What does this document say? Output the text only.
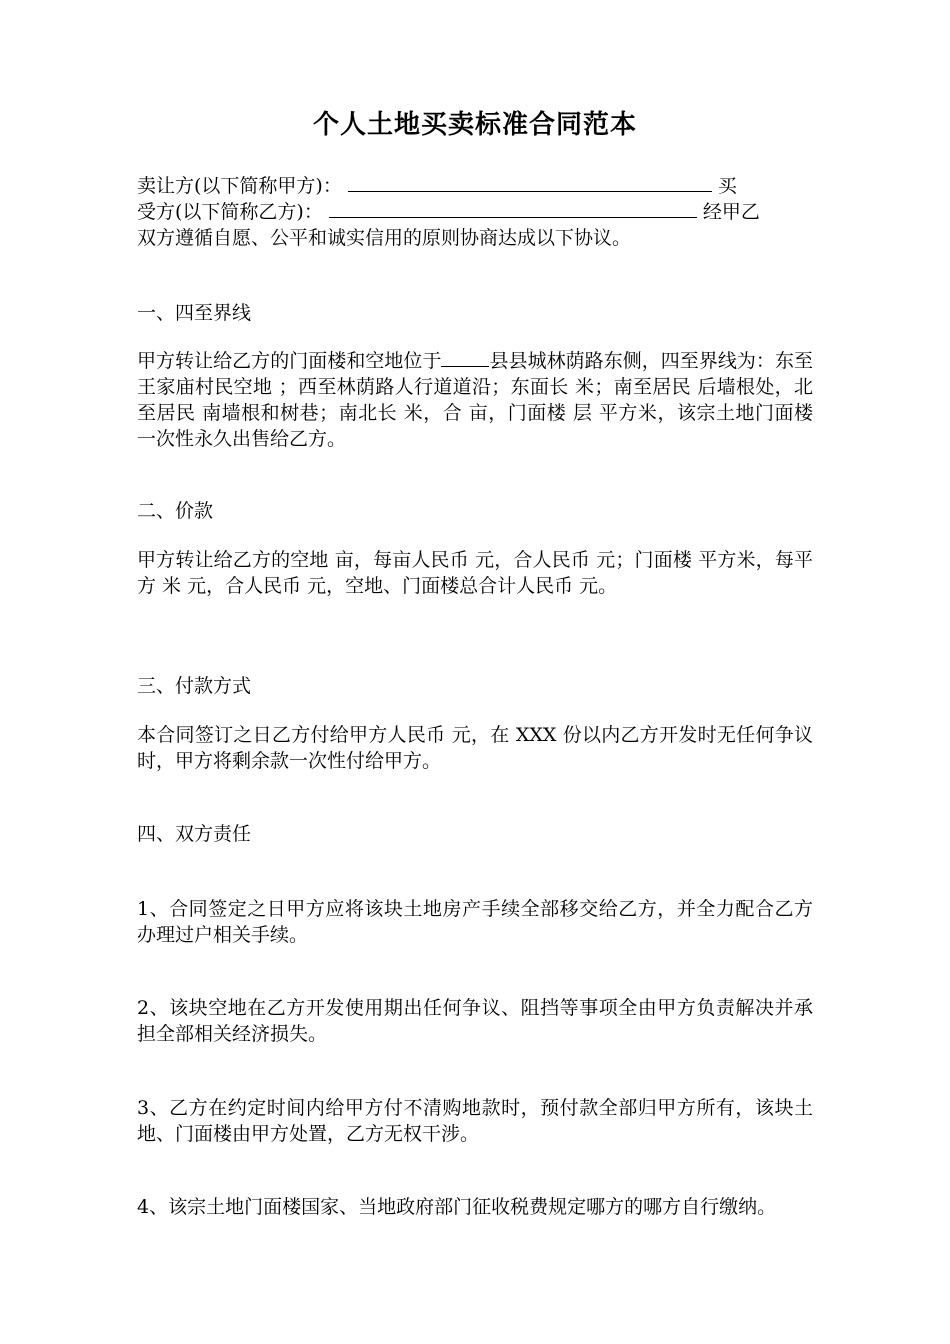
个人土地买卖标准合同范本
卖让方(以下简称甲方)：	买
受方(以下简称乙方)：	经甲乙
双方遵循自愿、公平和诚实信用的原则协商达成以下协议。
一、四至界线
甲方转让给乙方的门面楼和空地位于	县县城林荫路东侧，四至界线为：东至王家庙村民空地 ；西至林荫路人行道道沿；东面长 米；南至居民 后墙根处，北至居民 南墙根和树巷；南北长 米，合 亩，门面楼 层 平方米，该宗土地门面楼一次性永久出售给乙方。
二、价款
甲方转让给乙方的空地 亩，每亩人民币 元，合人民币 元；门面楼 平方米，每平方 米 元，合人民币 元，空地、门面楼总合计人民币 元。
三、付款方式
本合同签订之日乙方付给甲方人民币 元，在 XXX 份以内乙方开发时无任何争议时，甲方将剩余款一次性付给甲方。
四、双方责任
1、合同签定之日甲方应将该块土地房产手续全部移交给乙方，并全力配合乙方办理过户相关手续。
2、该块空地在乙方开发使用期出任何争议、阻挡等事项全由甲方负责解决并承担全部相关经济损失。
3、乙方在约定时间内给甲方付不清购地款时，预付款全部归甲方所有，该块土地、门面楼由甲方处置，乙方无权干涉。
4、该宗土地门面楼国家、当地政府部门征收税费规定哪方的哪方自行缴纳。
